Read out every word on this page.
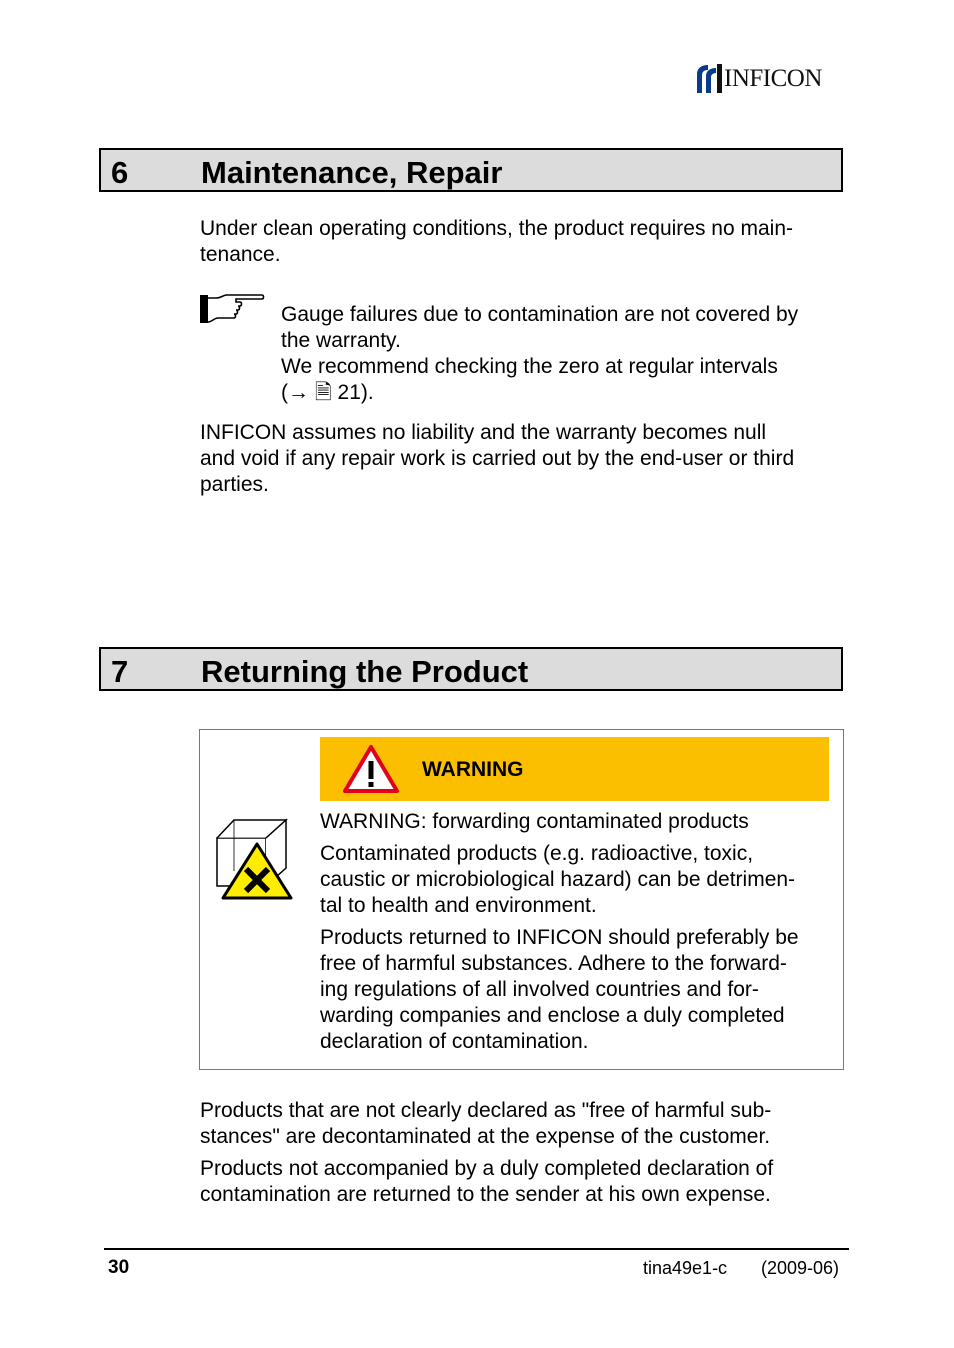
INFICON
6 Maintenance, Repair

Under clean operating conditions, the product requires no main-
tenance.

Gauge failures due to contamination are not covered by

the warranty.

We recommend checking the zero at regular intervals

(→ 🗎 21).

INFICON assumes no liability and the warranty becomes null
and void if any repair work is carried out by the end-user or third
parties.

7 Returning the Product
WARNING

WARNING: forwarding contaminated products

Contaminated products (e.g. radioactive, toxic,
caustic or microbiological hazard) can be detrimen-
tal to health and environment.

Products returned to INFICON should preferably be
free of harmful substances. Adhere to the forward-
ing regulations of all involved countries and for-
warding companies and enclose a duly completed
declaration of contamination.

Products that are not clearly declared as "free of harmful sub-
stances" are decontaminated at the expense of the customer.

Products not accompanied by a duly completed declaration of
contamination are returned to the sender at his own expense.

30	tina49e1-c (2009-06)
